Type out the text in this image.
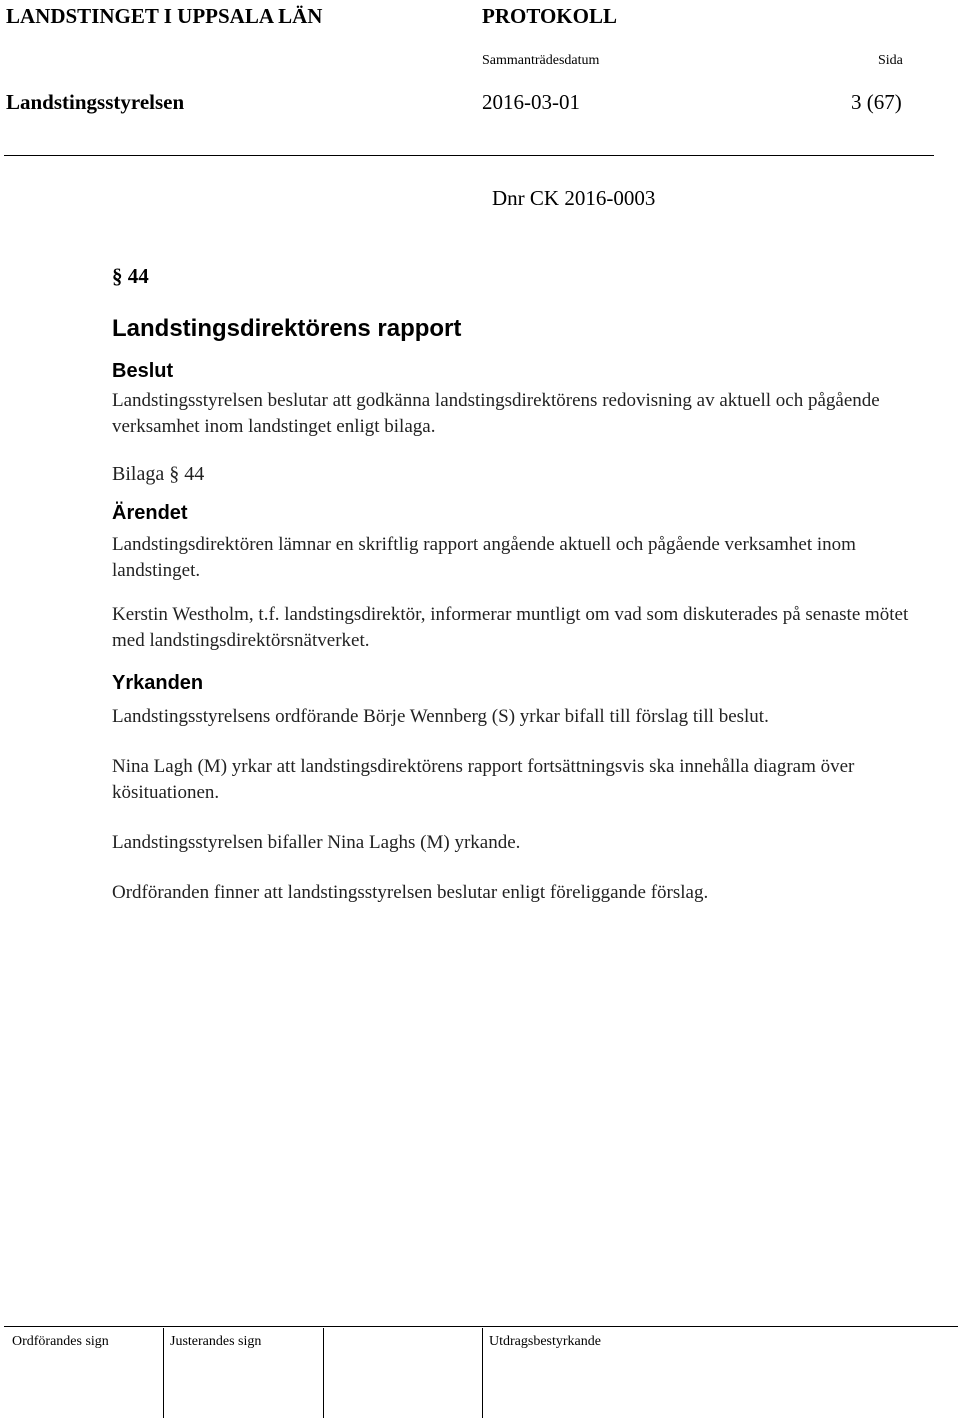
LANDSTINGET I UPPSALA LÄN	PROTOKOLL
Sammanträdesdatum	Sida
Landstingsstyrelsen	2016-03-01	3 (67)
Dnr CK 2016-0003

§ 44

Landstingsdirektörens rapport
Beslut

Landstingsstyrelsen beslutar att godkänna landstingsdirektörens redovisning av aktuell och pågående verksamhet inom landstinget enligt bilaga.

Bilaga § 44

Ärendet

Landstingsdirektören lämnar en skriftlig rapport angående aktuell och pågående verksamhet inom landstinget.

Kerstin Westholm, t.f. landstingsdirektör, informerar muntligt om vad som diskuterades på senaste mötet med landstingsdirektörsnätverket.

Yrkanden

Landstingsstyrelsens ordförande Börje Wennberg (S) yrkar bifall till förslag till beslut.

Nina Lagh (M) yrkar att landstingsdirektörens rapport fortsättningsvis ska innehålla diagram över kösituationen.

Landstingsstyrelsen bifaller Nina Laghs (M) yrkande.

Ordföranden finner att landstingsstyrelsen beslutar enligt föreliggande förslag.

Ordförandes sign	Justerandes sign	Utdragsbestyrkande
